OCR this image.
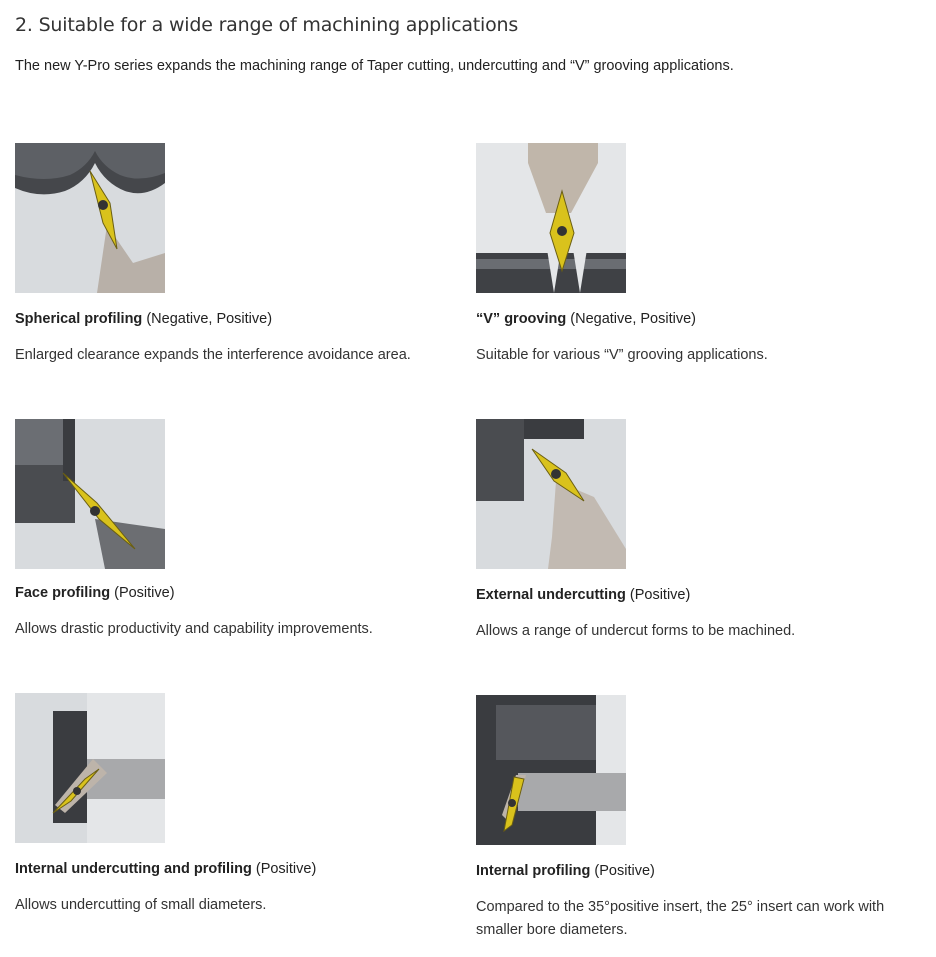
2. Suitable for a wide range of machining applications

The new Y-Pro series expands the machining range of Taper cutting, undercutting and “V” grooving applications.

Spherical profiling (Negative, Positive)

Enlarged clearance expands the interference avoidance area.

“V” grooving (Negative, Positive)

Suitable for various “V” grooving applications.

Face profiling (Positive)

Allows drastic productivity and capability improvements.

External undercutting (Positive)

Allows a range of undercut forms to be machined.

Internal undercutting and profiling (Positive)

Allows undercutting of small diameters.

Internal profiling (Positive)

Compared to the 35°positive insert, the 25° insert can work with smaller bore diameters.
